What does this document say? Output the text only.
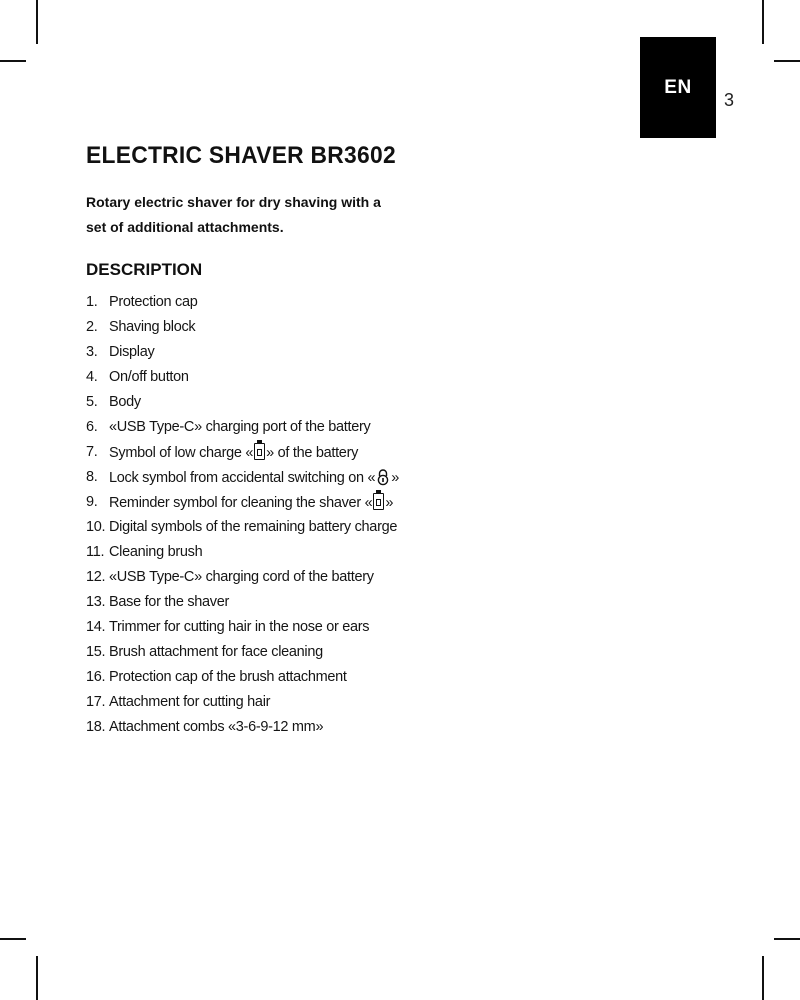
EN
3
ELECTRIC SHAVER BR3602

Rotary electric shaver for dry shaving with a set of additional attachments.

DESCRIPTION
1. Protection cap
2. Shaving block
3. Display
4. On/off button
5. Body
6. «USB Type-C» charging port of the battery
7. Symbol of low charge « » of the battery
8. Lock symbol from accidental switching on « »
9. Reminder symbol for cleaning the shaver « »
10. Digital symbols of the remaining battery charge
11. Cleaning brush
12. «USB Type-C» charging cord of the battery
13. Base for the shaver
14. Trimmer for cutting hair in the nose or ears
15. Brush attachment for face cleaning
16. Protection cap of the brush attachment
17. Attachment for cutting hair
18. Attachment combs «3-6-9-12 mm»
